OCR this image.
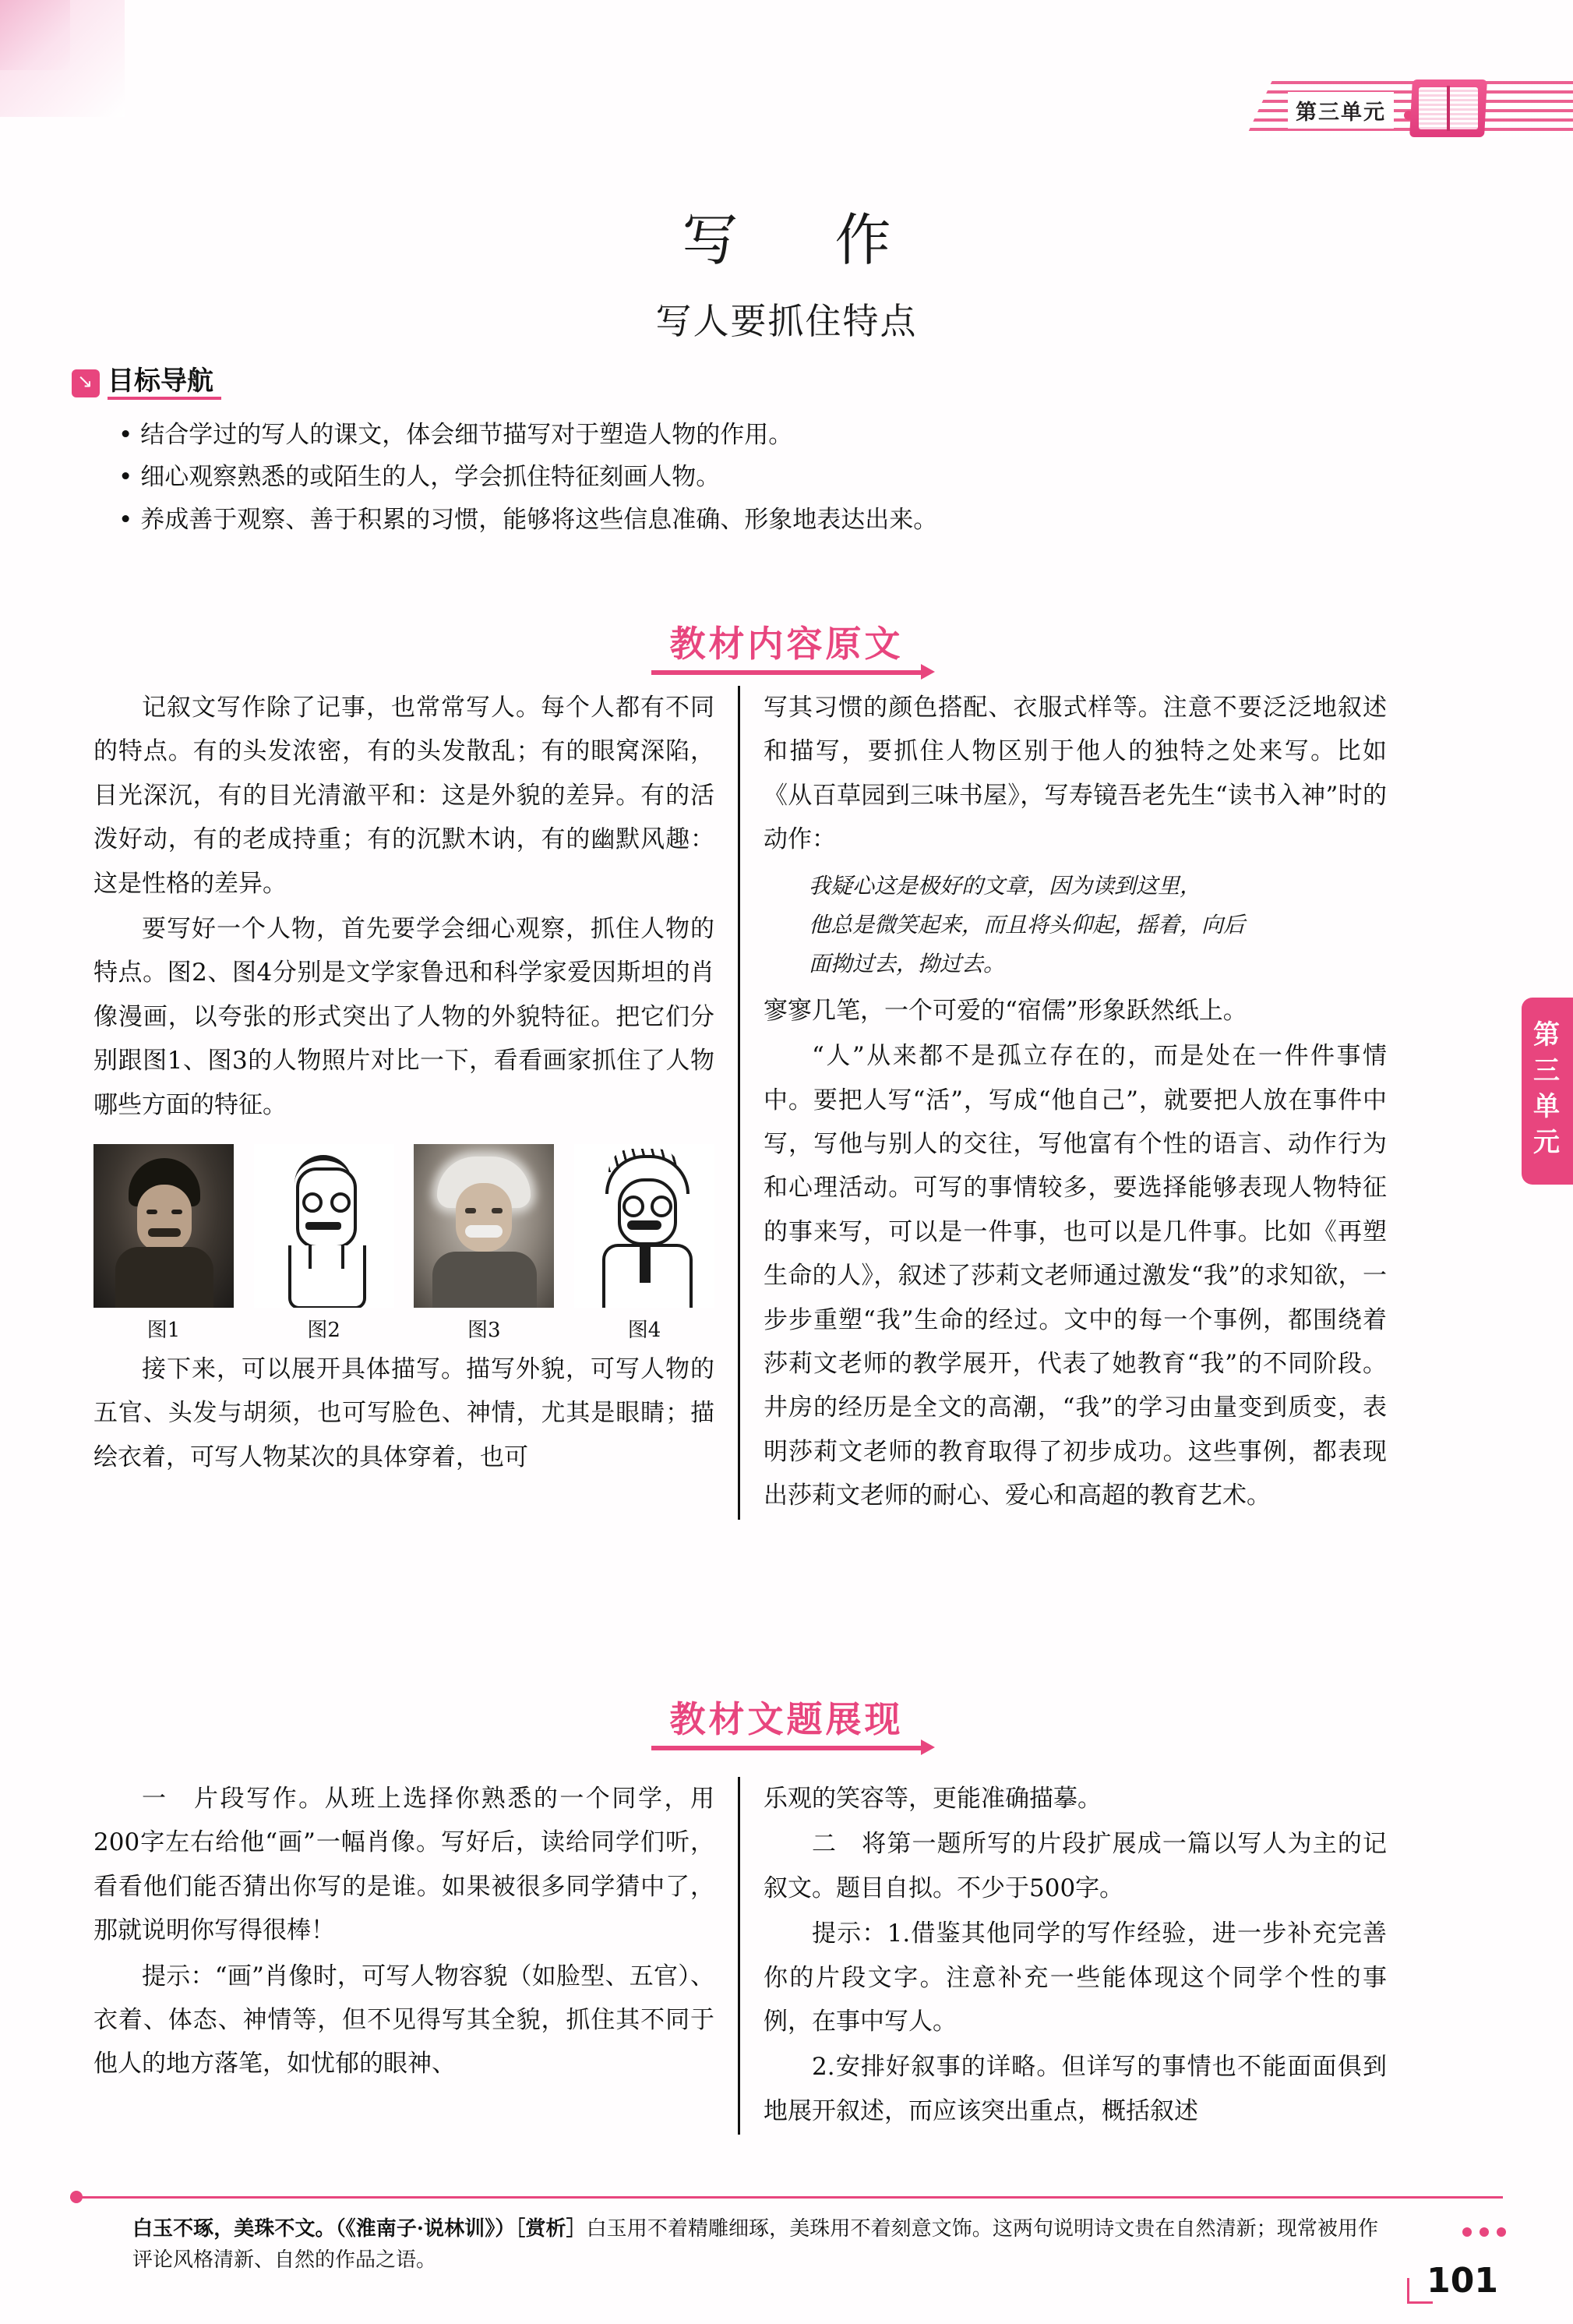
第三单元
写　作
写人要抓住特点
↘
目标导航
• 结合学过的写人的课文，体会细节描写对于塑造人物的作用。
• 细心观察熟悉的或陌生的人，学会抓住特征刻画人物。
• 养成善于观察、善于积累的习惯，能够将这些信息准确、形象地表达出来。
教材内容原文

记叙文写作除了记事，也常常写人。每个人都有不同的特点。有的头发浓密，有的头发散乱；有的眼窝深陷，目光深沉，有的目光清澈平和：这是外貌的差异。有的活泼好动，有的老成持重；有的沉默木讷，有的幽默风趣：这是性格的差异。

要写好一个人物，首先要学会细心观察，抓住人物的特点。图2、图4分别是文学家鲁迅和科学家爱因斯坦的肖像漫画，以夸张的形式突出了人物的外貌特征。把它们分别跟图1、图3的人物照片对比一下，看看画家抓住了人物哪些方面的特征。

图1	图2	图3	图4

接下来，可以展开具体描写。描写外貌，可写人物的五官、头发与胡须，也可写脸色、神情，尤其是眼睛；描绘衣着，可写人物某次的具体穿着，也可

写其习惯的颜色搭配、衣服式样等。注意不要泛泛地叙述和描写，要抓住人物区别于他人的独特之处来写。比如《从百草园到三味书屋》，写寿镜吾老先生“读书入神”时的动作：

我疑心这是极好的文章，因为读到这里，

他总是微笑起来，而且将头仰起，摇着，向后

面拗过去，拗过去。

寥寥几笔，一个可爱的“宿儒”形象跃然纸上。

“人”从来都不是孤立存在的，而是处在一件件事情中。要把人写“活”，写成“他自己”，就要把人放在事件中写，写他与别人的交往，写他富有个性的语言、动作行为和心理活动。可写的事情较多，要选择能够表现人物特征的事来写，可以是一件事，也可以是几件事。比如《再塑生命的人》，叙述了莎莉文老师通过激发“我”的求知欲，一步步重塑“我”生命的经过。文中的每一个事例，都围绕着莎莉文老师的教学展开，代表了她教育“我”的不同阶段。井房的经历是全文的高潮，“我”的学习由量变到质变，表明莎莉文老师的教育取得了初步成功。这些事例，都表现出莎莉文老师的耐心、爱心和高超的教育艺术。

教材文题展现

一　片段写作。从班上选择你熟悉的一个同学，用200字左右给他“画”一幅肖像。写好后，读给同学们听，看看他们能否猜出你写的是谁。如果被很多同学猜中了，那就说明你写得很棒！

提示：“画”肖像时，可写人物容貌（如脸型、五官）、衣着、体态、神情等，但不见得写其全貌，抓住其不同于他人的地方落笔，如忧郁的眼神、

乐观的笑容等，更能准确描摹。

二　将第一题所写的片段扩展成一篇以写人为主的记叙文。题目自拟。不少于500字。

提示：1.借鉴其他同学的写作经验，进一步补充完善你的片段文字。注意补充一些能体现这个同学个性的事例，在事中写人。

2.安排好叙事的详略。但详写的事情也不能面面俱到地展开叙述，而应该突出重点，概括叙述

第
三
单
元
白玉不琢，美珠不文。（《淮南子·说林训》）［赏析］白玉用不着精雕细琢，美珠用不着刻意文饰。这两句说明诗文贵在自然清新；现常被用作评论风格清新、自然的作品之语。
101
